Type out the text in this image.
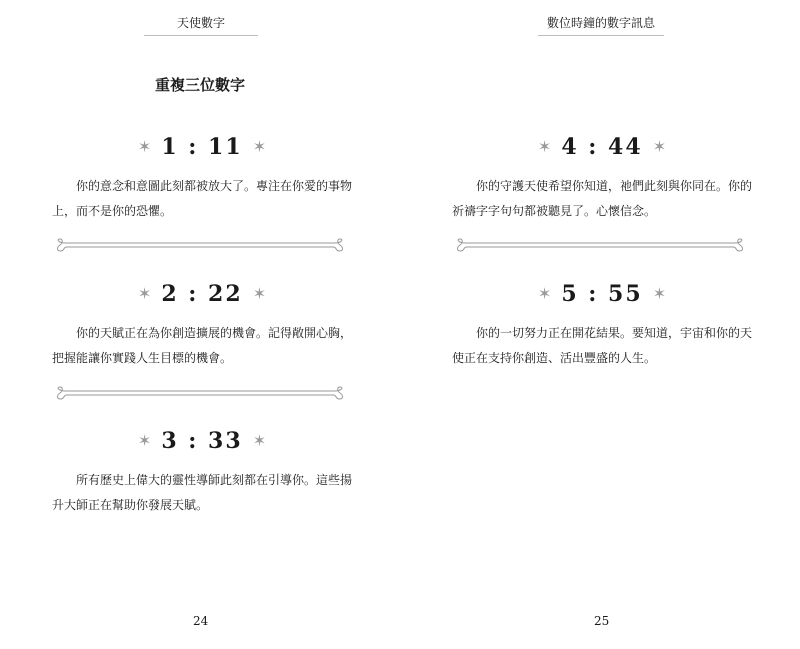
天使數字
重複三位數字
✶ 1 : 11 ✶
你的意念和意圖此刻都被放大了。專注在你愛的事物上，而不是你的恐懼。
✶ 2 : 22 ✶
你的天賦正在為你創造擴展的機會。記得敞開心胸，把握能讓你實踐人生目標的機會。
✶ 3 : 33 ✶
所有歷史上偉大的靈性導師此刻都在引導你。這些揚升大師正在幫助你發展天賦。
24
數位時鐘的數字訊息
✶ 4 : 44 ✶
你的守護天使希望你知道，祂們此刻與你同在。你的祈禱字字句句都被聽見了。心懷信念。
✶ 5 : 55 ✶
你的一切努力正在開花結果。要知道，宇宙和你的天使正在支持你創造、活出豐盛的人生。
25
